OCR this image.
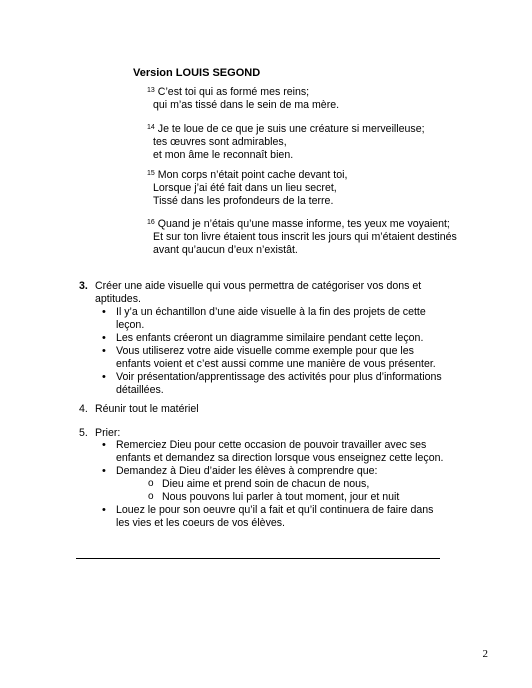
Version LOUIS SEGOND
$^{13}$ C’est toi qui as formé mes reins;
qui m’as tissé dans le sein de ma mère.
$^{14}$ Je te loue de ce que je suis une créature si merveilleuse;
tes œuvres sont admirables,
et mon âme le reconnaît bien.
$^{15}$ Mon corps n’était point cache devant toi,
Lorsque j’ai été fait dans un lieu secret,
Tissé dans les profondeurs de la terre.
$^{16}$ Quand je n’étais qu’une masse informe, tes yeux me voyaient;
Et sur ton livre étaient tous inscrit les jours qui m’étaient destinés
avant qu’aucun d’eux n’existât.
3. Créer une aide visuelle qui vous permettra de catégoriser vos dons et
aptitudes.
• Il y’a un échantillon d’une aide visuelle à la fin des projets de cette
leçon.
• Les enfants créeront un diagramme similaire pendant cette leçon.
• Vous utiliserez votre aide visuelle comme exemple pour que les
enfants voient et c’est aussi comme une manière de vous présenter.
• Voir présentation/apprentissage des activités pour plus d’informations
détaillées.
4. Réunir tout le matériel
5. Prier:
• Remerciez Dieu pour cette occasion de pouvoir travailler avec ses
enfants et demandez sa direction lorsque vous enseignez cette leçon.
• Demandez à Dieu d’aider les élèves à comprendre que:
o Dieu aime et prend soin de chacun de nous,
o Nous pouvons lui parler à tout moment, jour et nuit
• Louez le pour son oeuvre qu’il a fait et qu’il continuera de faire dans
les vies et les coeurs de vos élèves.
2
